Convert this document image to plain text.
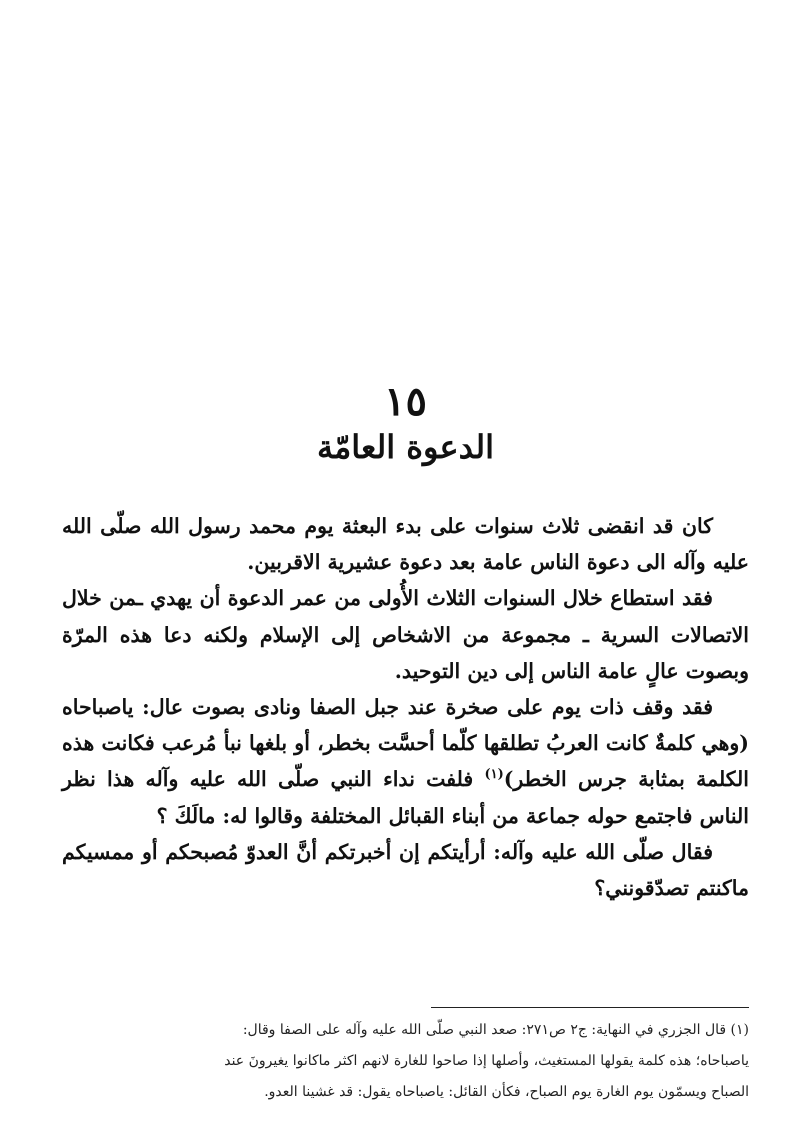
١٥
الدعوة العامّة

كان قد انقضى ثلاث سنوات على بدء البعثة يوم محمد رسول الله صلّى الله عليه وآله الى دعوة الناس عامة بعد دعوة عشيرية الاقربين.

فقد استطاع خلال السنوات الثلاث الأُولى من عمر الدعوة أن يهدي ـمن خلال الاتصالات السرية ـ مجموعة من الاشخاص إلى الإسلام ولكنه دعا هذه المرّة وبصوت عالٍ عامة الناس إلى دين التوحيد.

فقد وقف ذات يوم على صخرة عند جبل الصفا ونادى بصوت عال: ياصباحاه (وهي كلمةٌ كانت العربُ تطلقها كلّما أحسَّت بخطر، أو بلغها نبأ مُرعب فكانت هذه الكلمة بمثابة جرس الخطر)$^{(١)}$ فلفت نداء النبي صلّى الله عليه وآله هذا نظر الناس فاجتمع حوله جماعة من أبناء القبائل المختلفة وقالوا له: مالَكَ ؟

فقال صلّى الله عليه وآله: أرأيتكم إن أخبرتكم أنَّ العدوّ مُصبحكم أو ممسيكم ماكنتم تصدّقونني؟

(١) قال الجزري في النهاية: ج٢ ص٢٧١: صعد النبي صلّى الله عليه وآله على الصفا وقال:

ياصباحاه؛ هذه كلمة يقولها المستغيث، وأصلها إذا صاحوا للغارة لانهم اكثر ماكانوا يغيرونَ عند

الصباح ويسمّون يوم الغارة يوم الصباح، فكأن القائل: ياصباحاه يقول: قد غشينا العدو.
